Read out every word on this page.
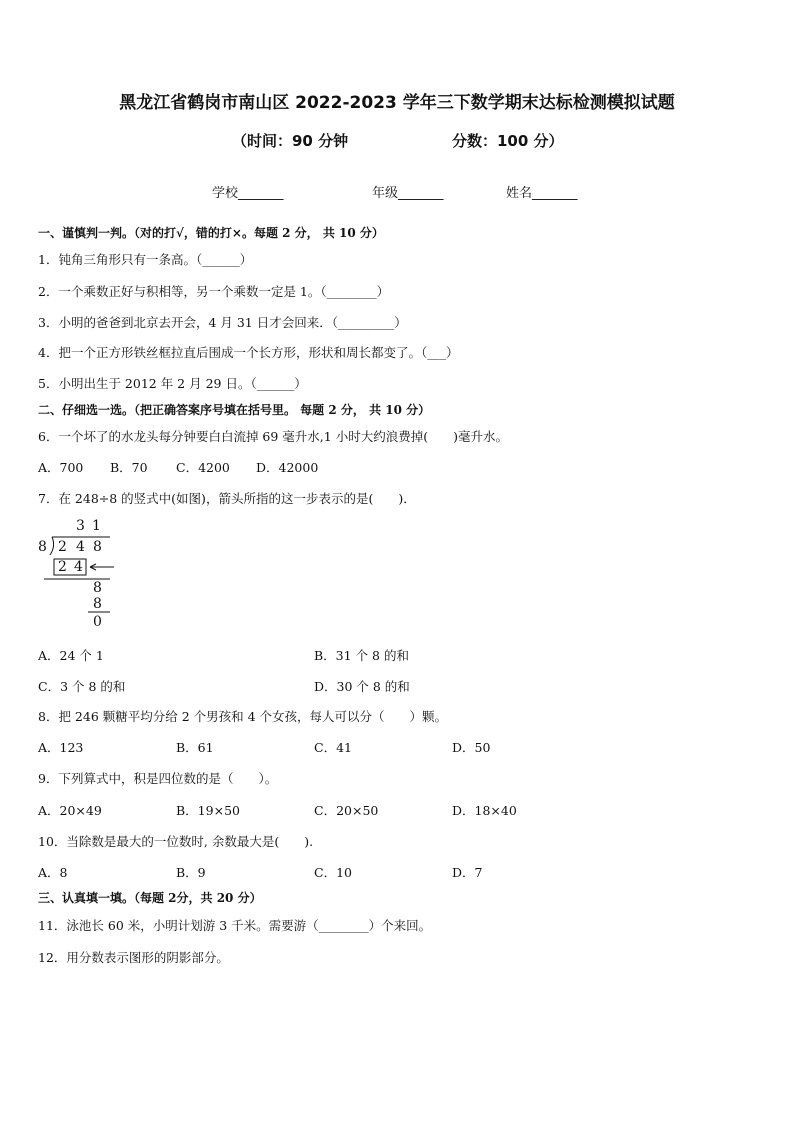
黑龙江省鹤岗市南山区 2022-2023 学年三下数学期末达标检测模拟试题
（时间：90 分钟	分数：100 分）
学校_______	年级_______	姓名_______
一、谨慎判一判。（对的打√，错的打×。每题 2 分， 共 10 分）
1．钝角三角形只有一条高。（______）
2．一个乘数正好与积相等，另一个乘数一定是 1。（________）
3．小明的爸爸到北京去开会，4 月 31 日才会回来．（_________）
4．把一个正方形铁丝框拉直后围成一个长方形，形状和周长都变了。（___）
5．小明出生于 2012 年 2 月 29 日。（______）
二、仔细选一选。（把正确答案序号填在括号里。 每题 2 分， 共 10 分）
6．一个坏了的水龙头每分钟要白白流掉 69 毫升水,1 小时大约浪费掉(　　)毫升水。
A．700 B．70 C．4200 D．42000
7．在 248÷8 的竖式中(如图)，箭头所指的这一步表示的是(　　)．
3 1
8 2 4 8
2 4
8
8
0
A．24 个 1	B．31 个 8 的和
C．3 个 8 的和	D．30 个 8 的和
8．把 246 颗糖平均分给 2 个男孩和 4 个女孩，每人可以分（　　）颗。
A．123	B．61	C．41	D．50
9．下列算式中，积是四位数的是（　　）。
A．20×49	B．19×50	C．20×50	D．18×40
10．当除数是最大的一位数时, 余数最大是(　　).
A．8	B．9	C．10	D．7
三、认真填一填。（每题 2分，共 20 分）
11．泳池长 60 米，小明计划游 3 千米。需要游（________）个来回。
12．用分数表示图形的阴影部分。
